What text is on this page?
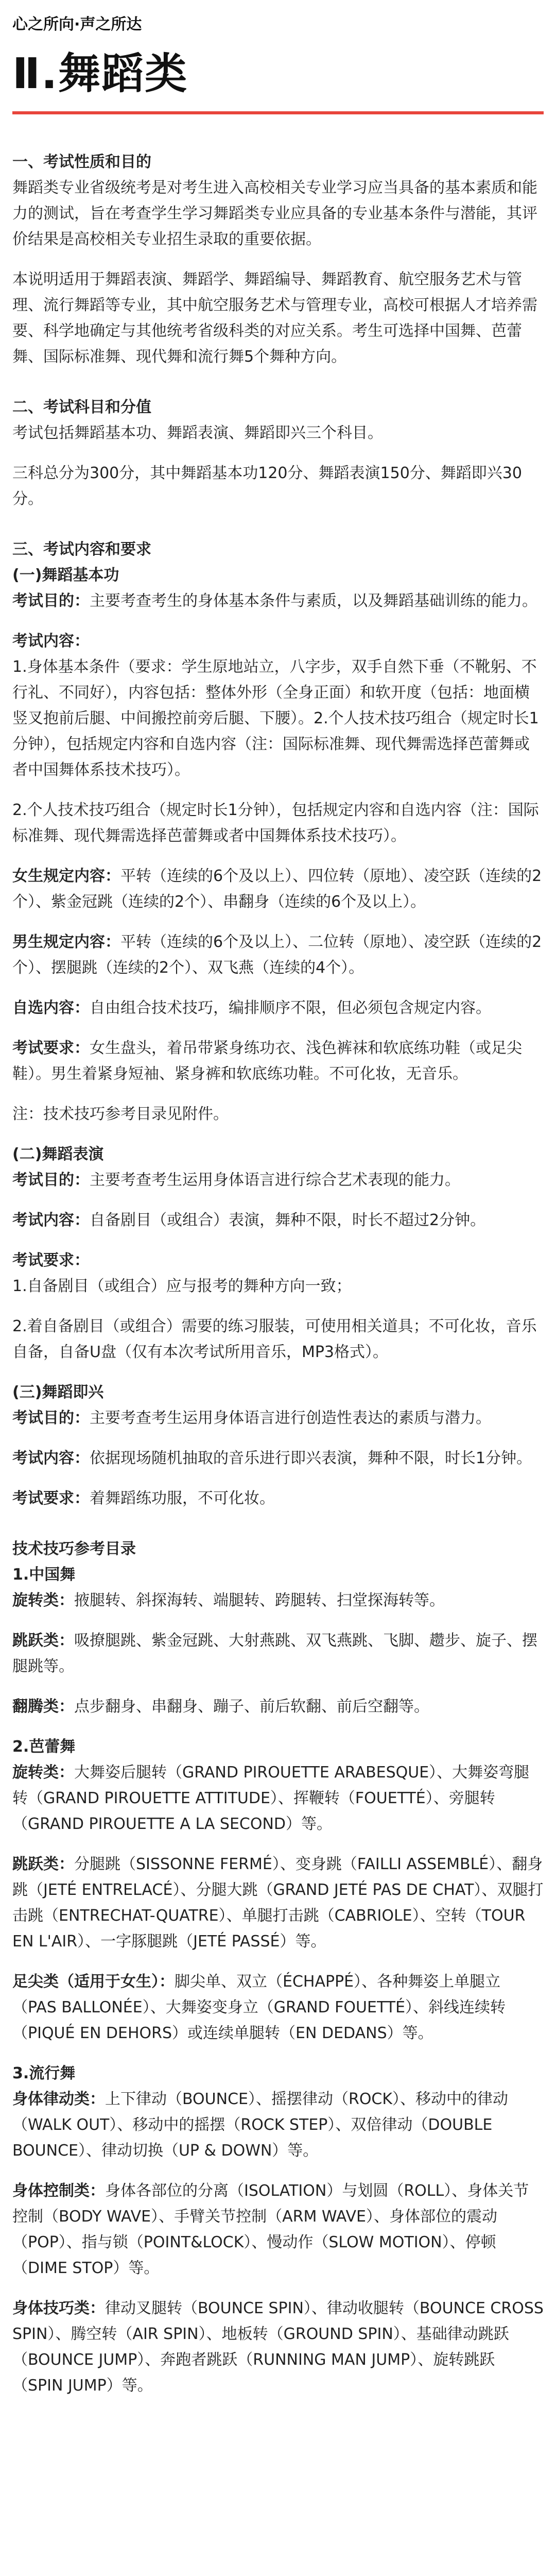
心之所向·声之所达
Ⅱ.舞蹈类
一、考试性质和目的
舞蹈类专业省级统考是对考生进入高校相关专业学习应当具备的基本素质和能力的测试，旨在考查学生学习舞蹈类专业应具备的专业基本条件与潜能，其评价结果是高校相关专业招生录取的重要依据。
本说明适用于舞蹈表演、舞蹈学、舞蹈编导、舞蹈教育、航空服务艺术与管理、流行舞蹈等专业，其中航空服务艺术与管理专业，高校可根据人才培养需要、科学地确定与其他统考省级科类的对应关系。考生可选择中国舞、芭蕾舞、国际标准舞、现代舞和流行舞5个舞种方向。
二、考试科目和分值
考试包括舞蹈基本功、舞蹈表演、舞蹈即兴三个科目。
三科总分为300分，其中舞蹈基本功120分、舞蹈表演150分、舞蹈即兴30分。
三、考试内容和要求
(一)舞蹈基本功
考试目的：主要考查考生的身体基本条件与素质，以及舞蹈基础训练的能力。
考试内容：
1.身体基本条件（要求：学生原地站立，八字步，双手自然下垂（不靴躬、不行礼、不同好），内容包括：整体外形（全身正面）和软开度（包括：地面横竖叉抱前后腿、中间搬控前旁后腿、下腰）。2.个人技术技巧组合（规定时长1分钟），包括规定内容和自选内容（注：国际标准舞、现代舞需选择芭蕾舞或者中国舞体系技术技巧）。
2.个人技术技巧组合（规定时长1分钟），包括规定内容和自选内容（注：国际标准舞、现代舞需选择芭蕾舞或者中国舞体系技术技巧）。
女生规定内容：平转（连续的6个及以上）、四位转（原地）、凌空跃（连续的2个）、紫金冠跳（连续的2个）、串翻身（连续的6个及以上）。
男生规定内容：平转（连续的6个及以上）、二位转（原地）、凌空跃（连续的2个）、摆腿跳（连续的2个）、双飞燕（连续的4个）。
自选内容：自由组合技术技巧，编排顺序不限，但必须包含规定内容。
考试要求：女生盘头，着吊带紧身练功衣、浅色裤袜和软底练功鞋（或足尖鞋）。男生着紧身短袖、紧身裤和软底练功鞋。不可化妆，无音乐。
注：技术技巧参考目录见附件。
(二)舞蹈表演
考试目的：主要考查考生运用身体语言进行综合艺术表现的能力。
考试内容：自备剧目（或组合）表演，舞种不限，时长不超过2分钟。
考试要求：
1.自备剧目（或组合）应与报考的舞种方向一致；
2.着自备剧目（或组合）需要的练习服装，可使用相关道具；不可化妆，音乐自备，自备U盘（仅有本次考试所用音乐，MP3格式）。
(三)舞蹈即兴
考试目的：主要考查考生运用身体语言进行创造性表达的素质与潜力。
考试内容：依据现场随机抽取的音乐进行即兴表演，舞种不限，时长1分钟。
考试要求：着舞蹈练功服，不可化妆。
技术技巧参考目录
1.中国舞
旋转类：掖腿转、斜探海转、端腿转、跨腿转、扫堂探海转等。
跳跃类：吸撩腿跳、紫金冠跳、大射燕跳、双飞燕跳、飞脚、趱步、旋子、摆腿跳等。
翻腾类：点步翻身、串翻身、蹦子、前后软翻、前后空翻等。
2.芭蕾舞
旋转类：大舞姿后腿转（GRAND PIROUETTE ARABESQUE）、大舞姿弯腿转（GRAND PIROUETTE ATTITUDE）、挥鞭转（FOUETTÉ）、旁腿转（GRAND PIROUETTE A LA SECOND）等。
跳跃类：分腿跳（SISSONNE FERMÉ）、变身跳（FAILLI ASSEMBLÉ）、翻身跳（JETÉ ENTRELACÉ）、分腿大跳（GRAND JETÉ PAS DE CHAT）、双腿打击跳（ENTRECHAT-QUATRE）、单腿打击跳（CABRIOLE）、空转（TOUR EN L'AIR）、一字豚腿跳（JETÉ PASSÉ）等。
足尖类（适用于女生）：脚尖单、双立（ÉCHAPPÉ）、各种舞姿上单腿立（PAS BALLONÉE）、大舞姿变身立（GRAND FOUETTÉ）、斜线连续转（PIQUÉ EN DEHORS）或连续单腿转（EN DEDANS）等。
3.流行舞
身体律动类：上下律动（BOUNCE）、摇摆律动（ROCK）、移动中的律动（WALK OUT）、移动中的摇摆（ROCK STEP）、双倍律动（DOUBLE BOUNCE）、律动切换（UP & DOWN）等。
身体控制类：身体各部位的分离（ISOLATION）与划圆（ROLL）、身体关节控制（BODY WAVE）、手臂关节控制（ARM WAVE）、身体部位的震动（POP）、指与锁（POINT&LOCK）、慢动作（SLOW MOTION）、停顿（DIME STOP）等。
身体技巧类：律动叉腿转（BOUNCE SPIN）、律动收腿转（BOUNCE CROSS SPIN）、腾空转（AIR SPIN）、地板转（GROUND SPIN）、基础律动跳跃（BOUNCE JUMP）、奔跑者跳跃（RUNNING MAN JUMP）、旋转跳跃（SPIN JUMP）等。
